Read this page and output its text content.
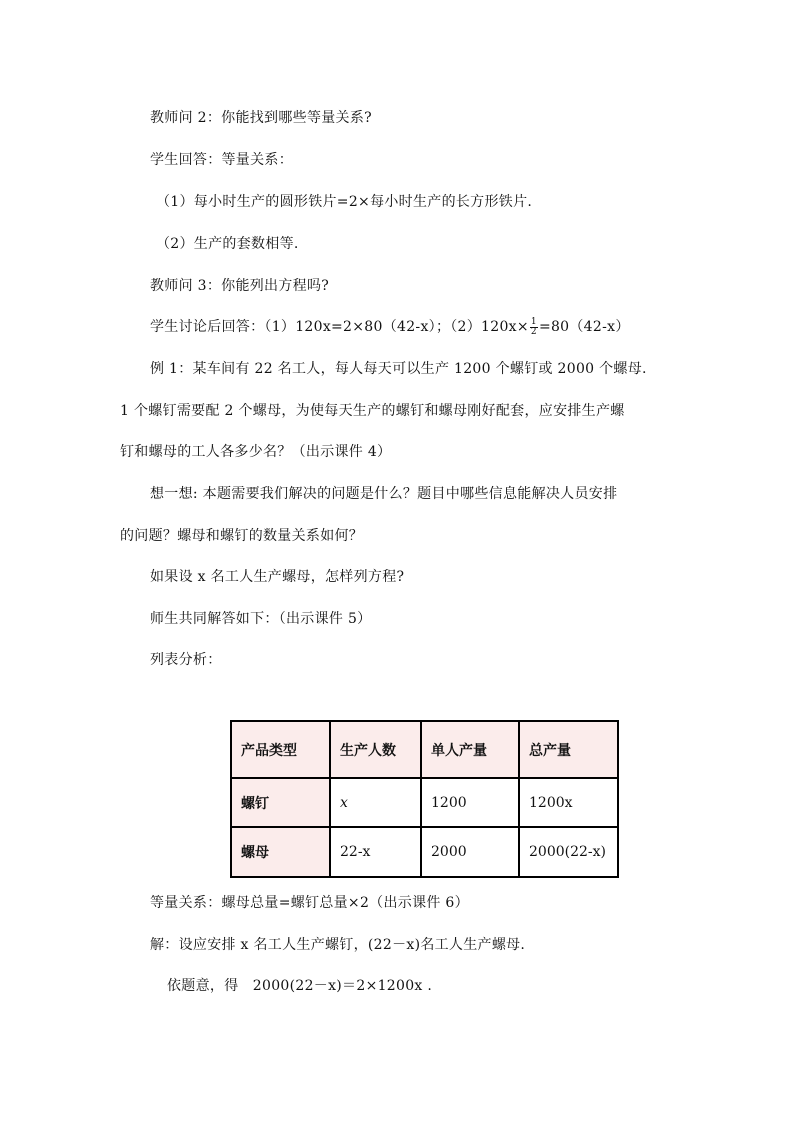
教师问 2：你能找到哪些等量关系?
学生回答：等量关系：
（1）每小时生产的圆形铁片=2×每小时生产的长方形铁片.
（2）生产的套数相等.
教师问 3：你能列出方程吗?
学生讨论后回答：（1）120x=2×80（42-x）；$(2)120x\times \frac{1}{2} =80(42-x)$
例 1：某车间有 22 名工人，每人每天可以生产 1200 个螺钉或 2000 个螺母.
1 个螺钉需要配 2 个螺母，为使每天生产的螺钉和螺母刚好配套，应安排生产螺
钉和螺母的工人各多少名？（出示课件 4）
想一想: 本题需要我们解决的问题是什么？题目中哪些信息能解决人员安排
的问题？螺母和螺钉的数量关系如何？
如果设 x 名工人生产螺母，怎样列方程?
师生共同解答如下：（出示课件 5）
列表分析：
产品类型	生产人数	单人产量	总产量
螺钉	x	1200	1200x
螺母	22-x	2000	2000(22-x)
等量关系：螺母总量=螺钉总量×2（出示课件 6）
解：设应安排 x 名工人生产螺钉，(22－x)名工人生产螺母.
依题意，得　2000(22－x)＝2×1200x .
